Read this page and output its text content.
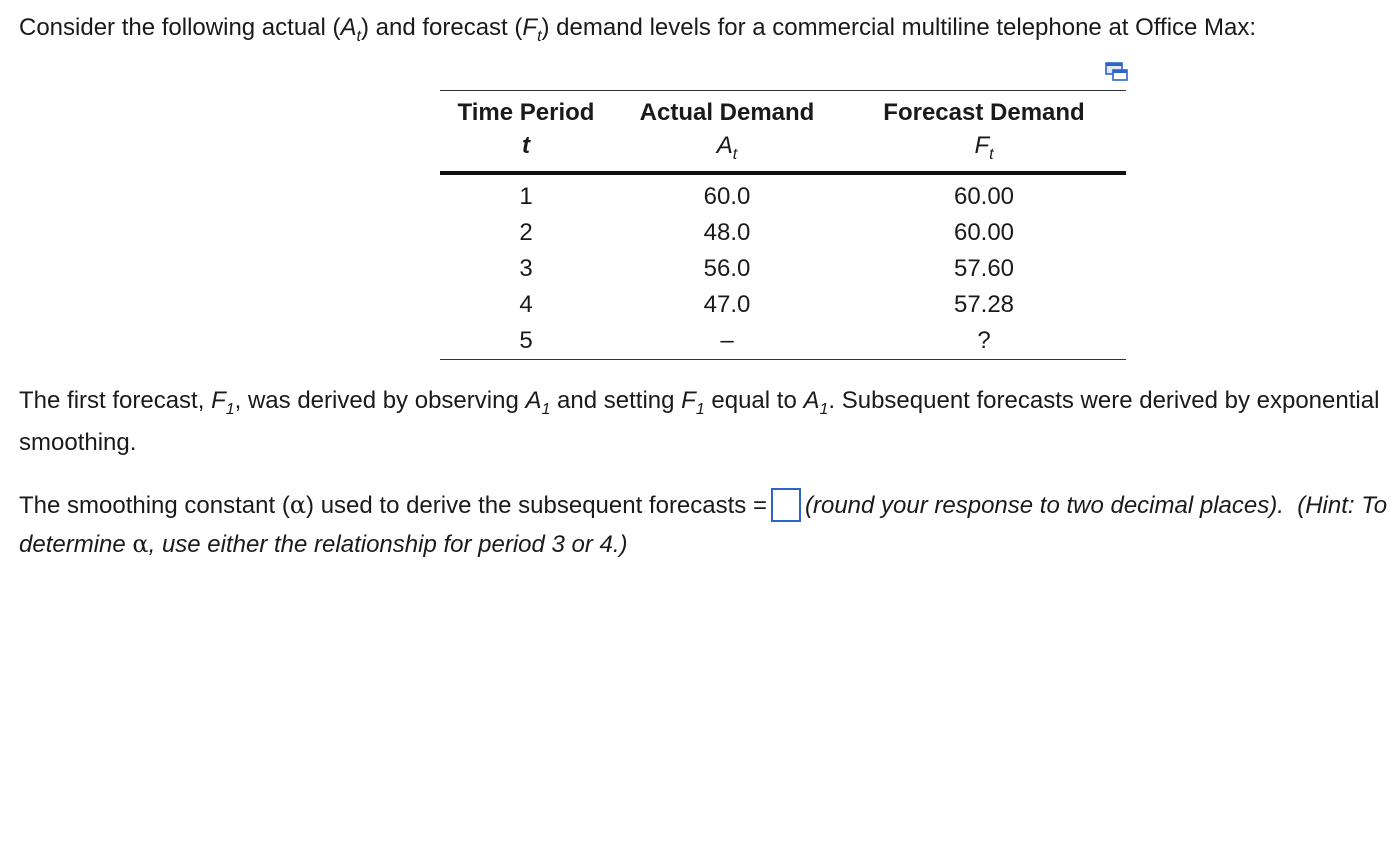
Consider the following actual $(A_t)$ and forecast $(F_t)$ demand levels for a commercial multiline telephone at Office Max:
Time Period	Actual Demand	Forecast Demand
t	$A_t$	$F_t$
1	60.0	60.00
2	48.0	60.00
3	56.0	57.60
4	47.0	57.28
5	–	?
The first forecast, $F_1$, was derived by observing $A_1$ and setting $F_1$ equal to $A_1$. Subsequent forecasts were derived by exponential smoothing.
The smoothing constant (α) used to derive the subsequent forecasts = (round your response to two decimal places). (Hint: To determine α, use either the relationship for period 3 or 4.)
